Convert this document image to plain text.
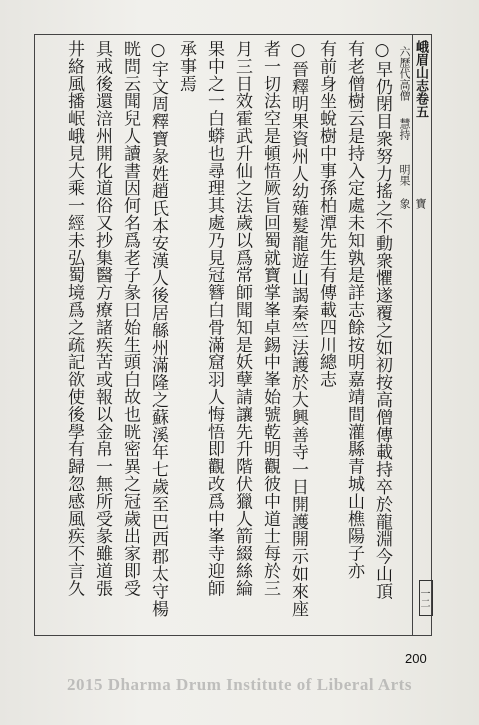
峨眉山志卷五
一二
六歷代高僧
慧持
明果
寶象
○早仍閉目衆努力搖之不動衆懼遂覆之如初按高僧傳載持卒於龍淵今山頂
有老僧樹云是持入定處未知孰是詳志餘按明嘉靖間灌縣青城山樵陽子亦
有前身坐蛻樹中事孫柏潭先生有傳載四川總志
○晉釋明果資州人幼薙髮龍遊山謁秦竺法護於大興善寺一日開護開示如來座
者一切法空是頓悟厥旨回蜀就寶掌峯卓錫中峯始號乾明觀彼中道士每於三
月三日效霍武升仙之法歲以爲常師聞知是妖孽請讓先升階伏獵人箭綴絲綸
果中之一白蟒也尋理其處乃見冠簪白骨滿窟羽人悔悟即觀改爲中峯寺迎師
承事焉
○宇文周釋寶彖姓趙氏本安漢人後居緜州滿隆之蘇溪年七歲至巴西郡太守楊
晄問云聞兒人讀書因何名爲老子彖曰始生頭白故也晄密異之冠歲出家即受
具戒後還涪州開化道俗又抄集醫方療諸疾苦或報以金帛一無所受彖雖道張
井絡風播岷峨見大乘一經未弘蜀境爲之疏記欲使後學有歸忽感風疾不言久
200
2015 Dharma Drum Institute of Liberal Arts
